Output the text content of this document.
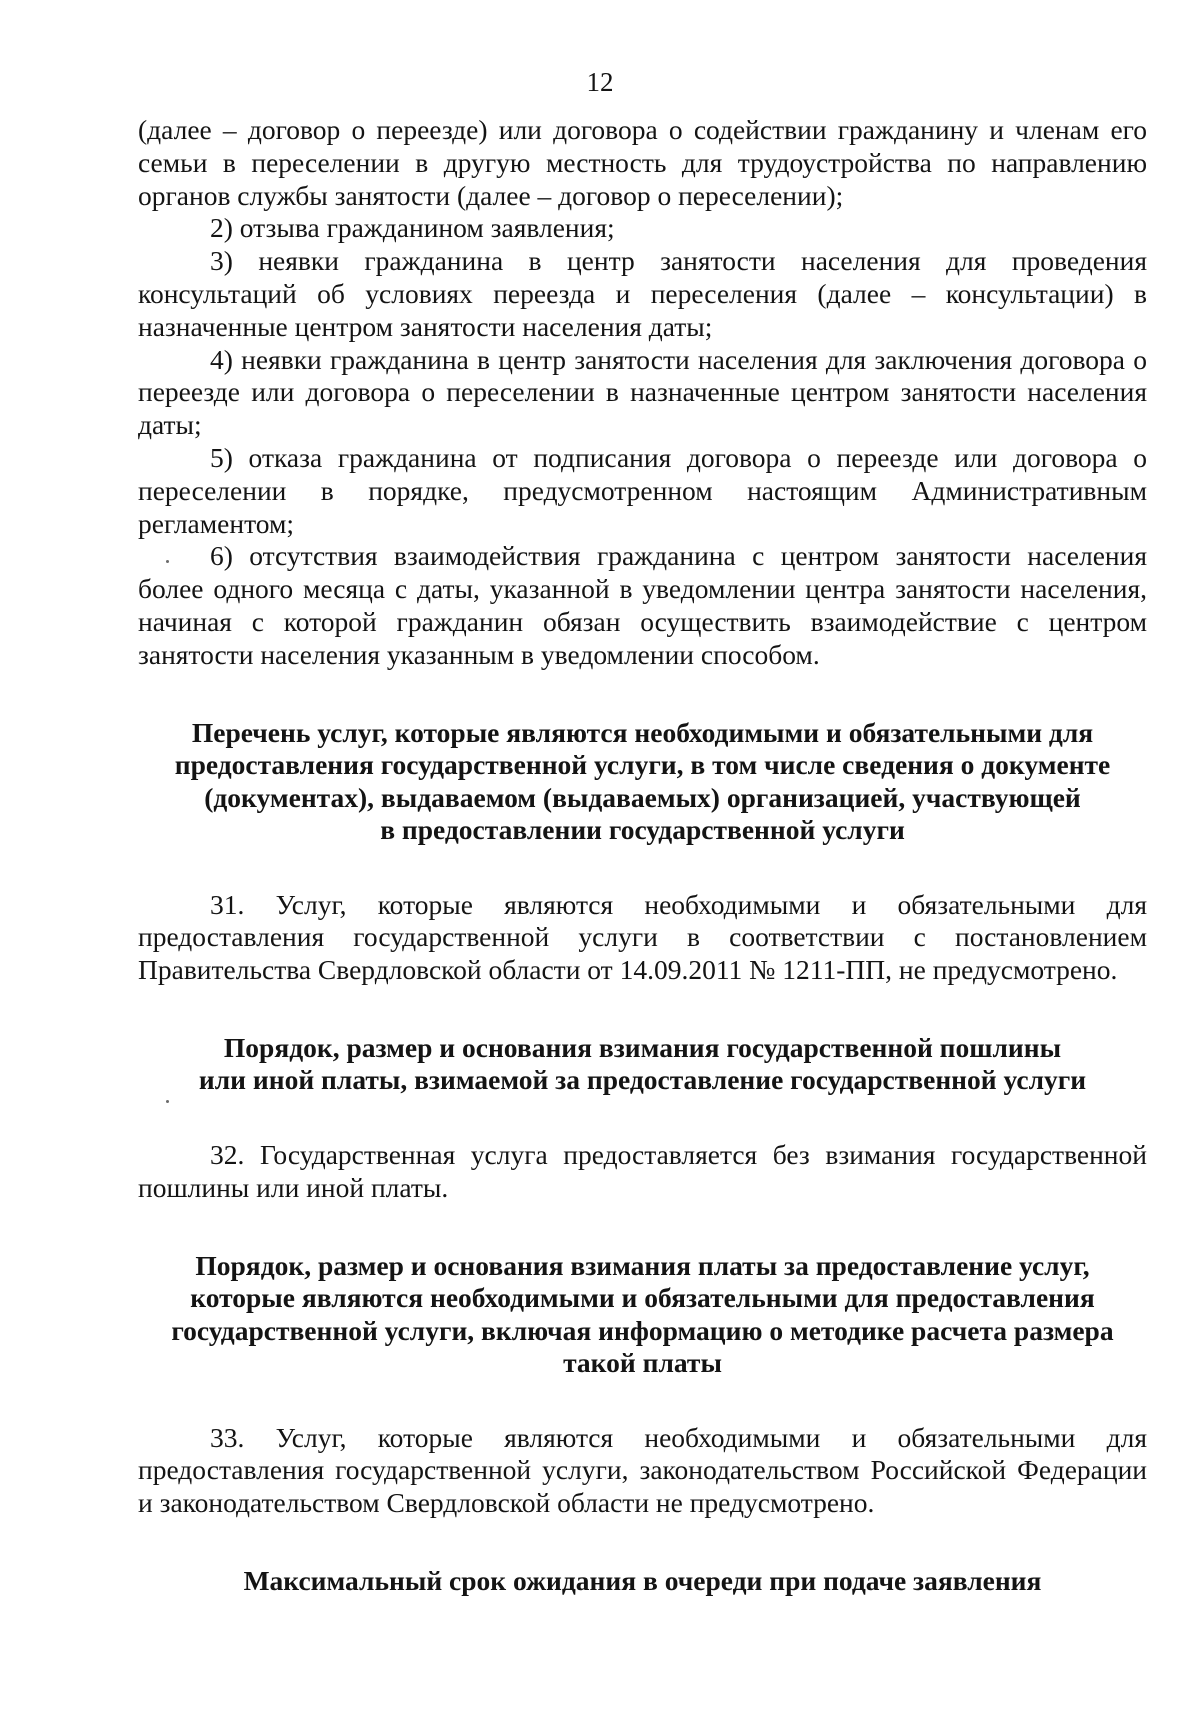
12

(далее – договор о переезде) или договора о содействии гражданину и членам его семьи в переселении в другую местность для трудоустройства по направлению органов службы занятости (далее – договор о переселении);

2) отзыва гражданином заявления;

3) неявки гражданина в центр занятости населения для проведения консультаций об условиях переезда и переселения (далее – консультации) в назначенные центром занятости населения даты;

4) неявки гражданина в центр занятости населения для заключения договора о переезде или договора о переселении в назначенные центром занятости населения даты;

5) отказа гражданина от подписания договора о переезде или договора о переселении в порядке, предусмотренном настоящим Административным регламентом;

6) отсутствия взаимодействия гражданина с центром занятости населения более одного месяца с даты, указанной в уведомлении центра занятости населения, начиная с которой гражданин обязан осуществить взаимодействие с центром занятости населения указанным в уведомлении способом.

Перечень услуг, которые являются необходимыми и обязательными для

предоставления государственной услуги, в том числе сведения о документе

(документах), выдаваемом (выдаваемых) организацией, участвующей

в предоставлении государственной услуги

31. Услуг, которые являются необходимыми и обязательными для предоставления государственной услуги в соответствии с постановлением Правительства Свердловской области от 14.09.2011 № 1211-ПП, не предусмотрено.

Порядок, размер и основания взимания государственной пошлины

или иной платы, взимаемой за предоставление государственной услуги

32. Государственная услуга предоставляется без взимания государственной пошлины или иной платы.

Порядок, размер и основания взимания платы за предоставление услуг,

которые являются необходимыми и обязательными для предоставления

государственной услуги, включая информацию о методике расчета размера

такой платы

33. Услуг, которые являются необходимыми и обязательными для предоставления государственной услуги, законодательством Российской Федерации и законодательством Свердловской области не предусмотрено.

Максимальный срок ожидания в очереди при подаче заявления
